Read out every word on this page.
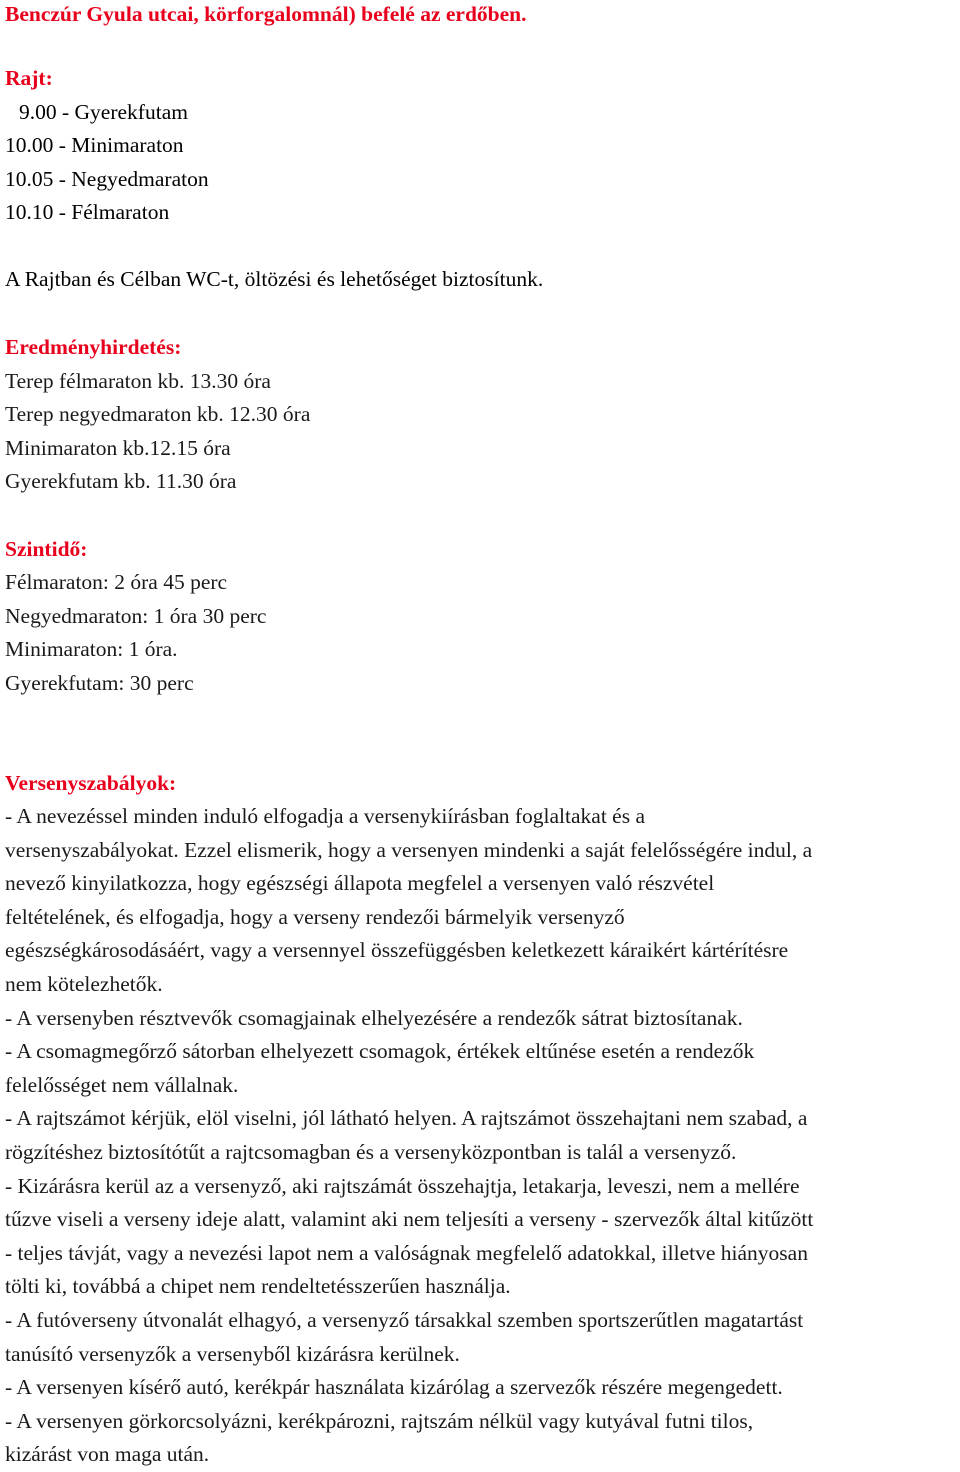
Benczúr Gyula utcai, körforgalomnál) befelé az erdőben.
Rajt:
9.00 - Gyerekfutam
10.00 - Minimaraton
10.05 - Negyedmaraton
10.10 - Félmaraton
A Rajtban és Célban WC-t, öltözési és lehetőséget biztosítunk.
Eredményhirdetés:
Terep félmaraton kb. 13.30 óra
Terep negyedmaraton kb. 12.30 óra
Minimaraton kb.12.15 óra
Gyerekfutam kb. 11.30 óra
Szintidő:
Félmaraton: 2 óra 45 perc
Negyedmaraton: 1 óra 30 perc
Minimaraton: 1 óra.
Gyerekfutam: 30 perc
Versenyszabályok:

- A nevezéssel minden induló elfogadja a versenykiírásban foglaltakat és a

versenyszabályokat. Ezzel elismerik, hogy a versenyen mindenki a saját felelősségére indul, a

nevező kinyilatkozza, hogy egészségi állapota megfelel a versenyen való részvétel

feltételének, és elfogadja, hogy a verseny rendezői bármelyik versenyző

egészségkárosodásáért, vagy a versennyel összefüggésben keletkezett káraikért kártérítésre

nem kötelezhetők.

- A versenyben résztvevők csomagjainak elhelyezésére a rendezők sátrat biztosítanak.

- A csomagmegőrző sátorban elhelyezett csomagok, értékek eltűnése esetén a rendezők

felelősséget nem vállalnak.

- A rajtszámot kérjük, elöl viselni, jól látható helyen. A rajtszámot összehajtani nem szabad, a

rögzítéshez biztosítótűt a rajtcsomagban és a versenyközpontban is talál a versenyző.

- Kizárásra kerül az a versenyző, aki rajtszámát összehajtja, letakarja, leveszi, nem a mellére

tűzve viseli a verseny ideje alatt, valamint aki nem teljesíti a verseny - szervezők által kitűzött

- teljes távját, vagy a nevezési lapot nem a valóságnak megfelelő adatokkal, illetve hiányosan

tölti ki, továbbá a chipet nem rendeltetésszerűen használja.

- A futóverseny útvonalát elhagyó, a versenyző társakkal szemben sportszerűtlen magatartást

tanúsító versenyzők a versenyből kizárásra kerülnek.

- A versenyen kísérő autó, kerékpár használata kizárólag a szervezők részére megengedett.

- A versenyen görkorcsolyázni, kerékpározni, rajtszám nélkül vagy kutyával futni tilos,

kizárást von maga után.
